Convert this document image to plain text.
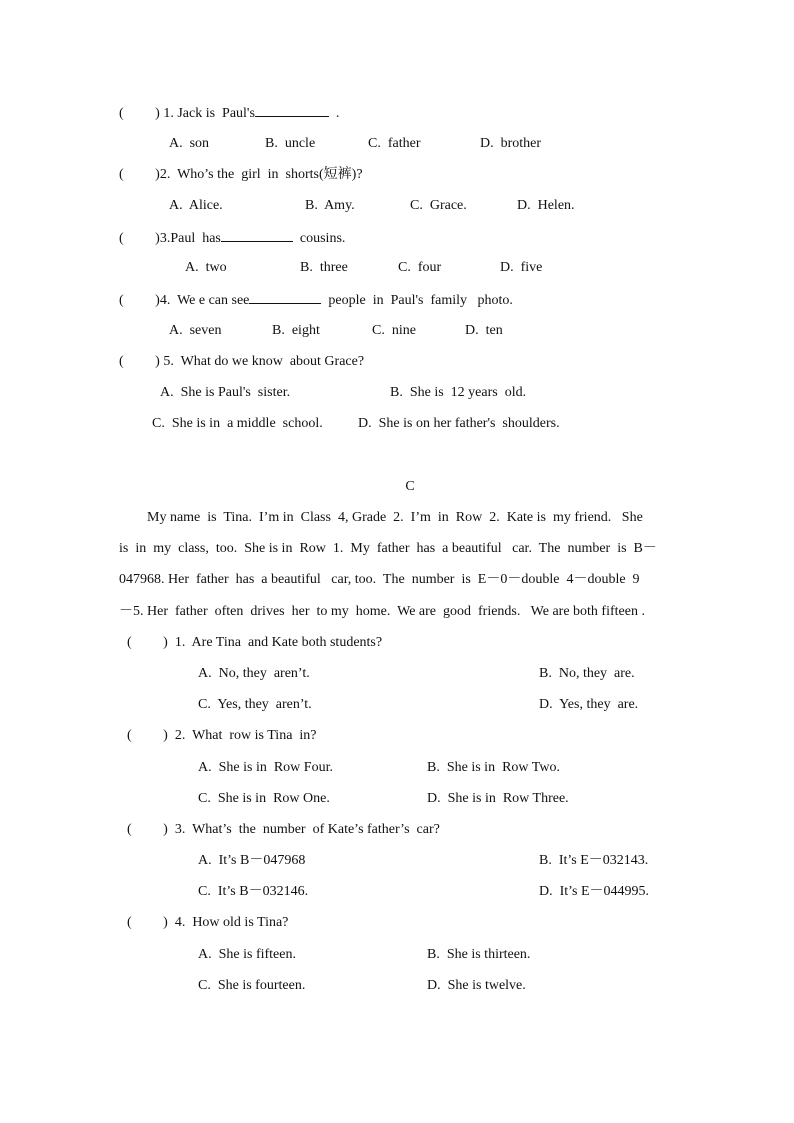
(         ) 1. Jack is  Paul's	.
A.  son	B.  uncle	C.  father	D.  brother
(         )2.  Who’s the  girl  in  shorts(短裤)?
A.  Alice.	B.  Amy.	C.  Grace.	D.  Helen.
(         )3.Paul  has	cousins.
A.  two	B.  three	C.  four	D.  five
(         )4.  We e can see	people  in  Paul's  family   photo.
A.  seven	B.  eight	C.  nine	D.  ten
(         ) 5.  What do we know  about Grace?
A.  She is Paul's  sister.	B.  She is  12 years  old.
C.  She is in  a middle  school.	D.  She is on her father's  shoulders.
C
My name  is  Tina.  I’m in  Class  4, Grade  2.  I’m  in  Row  2.  Kate is  my friend.   She
is  in  my  class,  too.  She is in  Row  1.  My  father  has  a beautiful   car.  The  number  is  B－
047968. Her  father  has  a beautiful   car, too.  The  number  is  E－0－double  4－double  9
－5. Her  father  often  drives  her  to my  home.  We are  good  friends.   We are both fifteen .
(         )  1.  Are Tina  and Kate both students?
A.  No, they  aren’t.	B.  No, they  are.
C.  Yes, they  aren’t.	D.  Yes, they  are.
(         )  2.  What  row is Tina  in?
A.  She is in  Row Four.	B.  She is in  Row Two.
C.  She is in  Row One.	D.  She is in  Row Three.
(         )  3.  What’s  the  number  of Kate’s father’s  car?
A.  It’s B－047968	B.  It’s E－032143.
C.  It’s B－032146.	D.  It’s E－044995.
(         )  4.  How old is Tina?
A.  She is fifteen.	B.  She is thirteen.
C.  She is fourteen.	D.  She is twelve.
